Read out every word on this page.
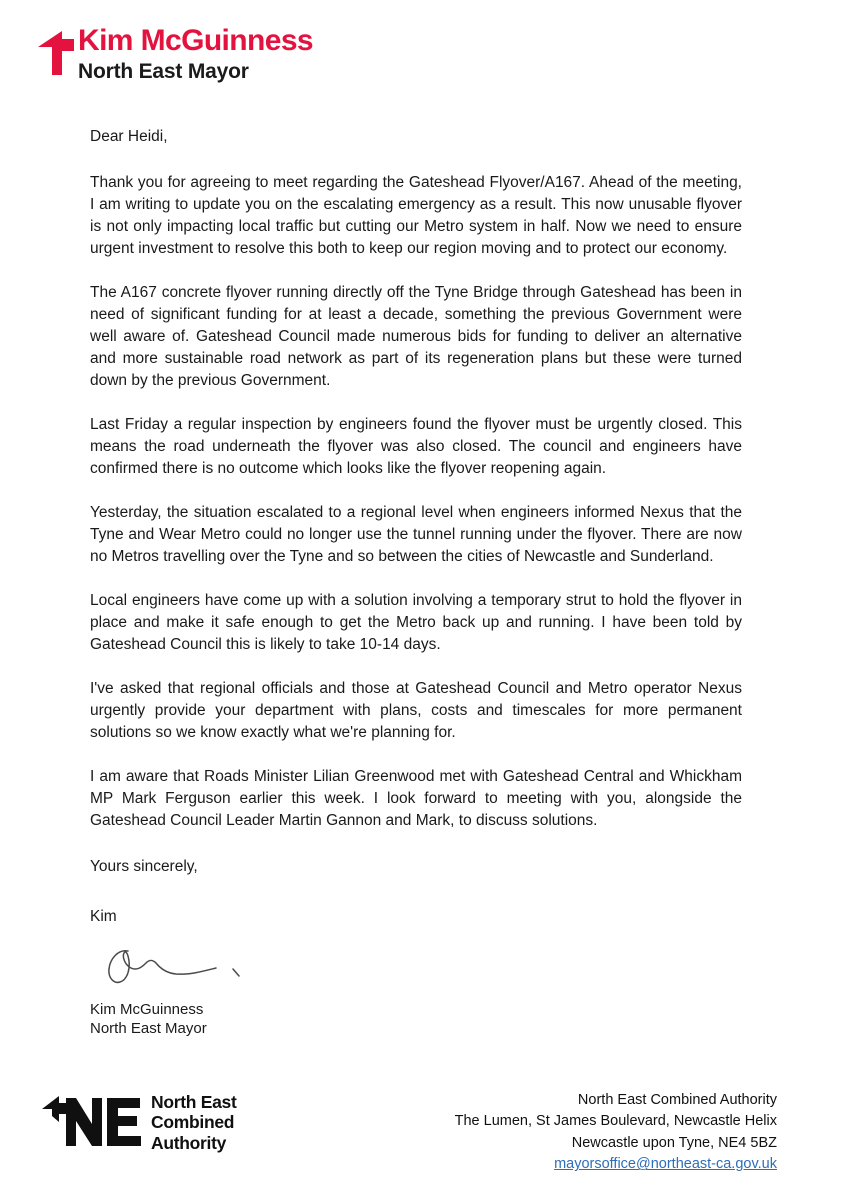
Kim McGuinness
North East Mayor

Dear Heidi,

Thank you for agreeing to meet regarding the Gateshead Flyover/A167. Ahead of the meeting, I am writing to update you on the escalating emergency as a result. This now unusable flyover is not only impacting local traffic but cutting our Metro system in half. Now we need to ensure urgent investment to resolve this both to keep our region moving and to protect our economy.

The A167 concrete flyover running directly off the Tyne Bridge through Gateshead has been in need of significant funding for at least a decade, something the previous Government were well aware of. Gateshead Council made numerous bids for funding to deliver an alternative and more sustainable road network as part of its regeneration plans but these were turned down by the previous Government.

Last Friday a regular inspection by engineers found the flyover must be urgently closed. This means the road underneath the flyover was also closed. The council and engineers have confirmed there is no outcome which looks like the flyover reopening again.

Yesterday, the situation escalated to a regional level when engineers informed Nexus that the Tyne and Wear Metro could no longer use the tunnel running under the flyover. There are now no Metros travelling over the Tyne and so between the cities of Newcastle and Sunderland.

Local engineers have come up with a solution involving a temporary strut to hold the flyover in place and make it safe enough to get the Metro back up and running. I have been told by Gateshead Council this is likely to take 10-14 days.

I've asked that regional officials and those at Gateshead Council and Metro operator Nexus urgently provide your department with plans, costs and timescales for more permanent solutions so we know exactly what we're planning for.

I am aware that Roads Minister Lilian Greenwood met with Gateshead Central and Whickham MP Mark Ferguson earlier this week. I look forward to meeting with you, alongside the Gateshead Council Leader Martin Gannon and Mark, to discuss solutions.

Yours sincerely,

Kim

Kim McGuinness
North East Mayor
North East
Combined
Authority
North East Combined Authority
The Lumen, St James Boulevard, Newcastle Helix
Newcastle upon Tyne, NE4 5BZ
mayorsoffice@northeast-ca.gov.uk
